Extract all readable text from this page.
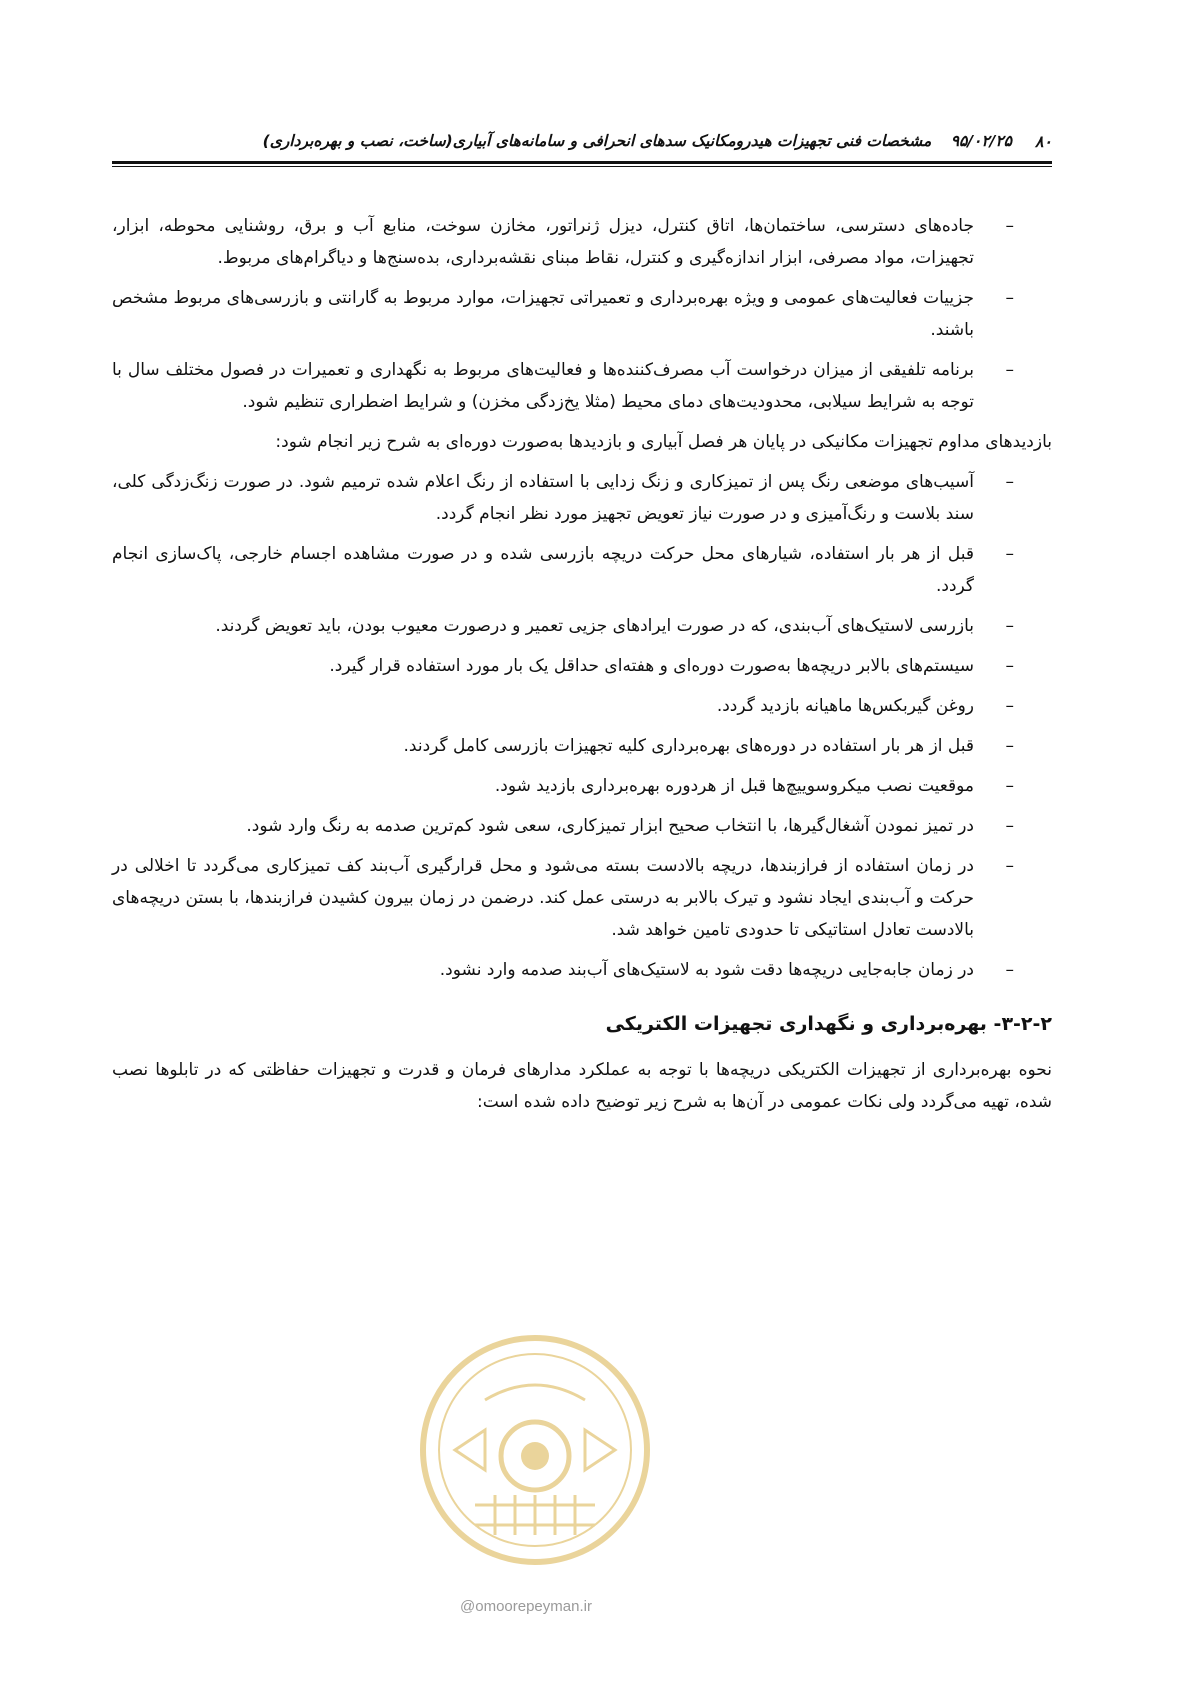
۸۰
۹۵/۰۲/۲۵ مشخصات فنی تجهیزات هیدرومکانیک سدهای انحرافی و سامانه‌های آبیاری(ساخت، نصب و بهره‌برداری)
–
جاده‌های دسترسی، ساختمان‌ها، اتاق کنترل، دیزل ژنراتور، مخازن سوخت، منابع آب و برق، روشنایی محوطه، ابزار، تجهیزات، مواد مصرفی، ابزار اندازه‌گیری و کنترل، نقاط مبنای نقشه‌برداری، بده‌سنج‌ها و دیاگرام‌های مربوط.
–
جزییات فعالیت‌های عمومی و ویژه بهره‌برداری و تعمیراتی تجهیزات، موارد مربوط به گارانتی و بازرسی‌های مربوط مشخص باشند.
–
برنامه تلفیقی از میزان درخواست آب مصرف‌کننده‌ها و فعالیت‌های مربوط به نگهداری و تعمیرات در فصول مختلف سال با توجه به شرایط سیلابی، محدودیت‌های دمای محیط (مثلا یخ‌زدگی مخزن) و شرایط اضطراری تنظیم شود.

بازدیدهای مداوم تجهیزات مکانیکی در پایان هر فصل آبیاری و بازدیدها به‌صورت دوره‌ای به شرح زیر انجام شود:

–
آسیب‌های موضعی رنگ پس از تمیزکاری و زنگ زدایی با استفاده از رنگ اعلام شده ترمیم شود. در صورت زنگ‌زدگی کلی، سند بلاست و رنگ‌آمیزی و در صورت نیاز تعویض تجهیز مورد نظر انجام گردد.
–
قبل از هر بار استفاده، شیارهای محل حرکت دریچه بازرسی شده و در صورت مشاهده اجسام خارجی، پاک‌سازی انجام گردد.
–
بازرسی لاستیک‌های آب‌بندی، که در صورت ایرادهای جزیی تعمیر و درصورت معیوب بودن، باید تعویض گردند.
–
سیستم‌های بالابر دریچه‌ها به‌صورت دوره‌ای و هفته‌ای حداقل یک بار مورد استفاده قرار گیرد.
–
روغن گیربکس‌ها ماهیانه بازدید گردد.
–
قبل از هر بار استفاده در دوره‌های بهره‌برداری کلیه تجهیزات بازرسی کامل گردند.
–
موقعیت نصب میکروسوییچ‌ها قبل از هردوره بهره‌برداری بازدید شود.
–
در تمیز نمودن آشغال‌گیرها، با انتخاب صحیح ابزار تمیزکاری، سعی شود کم‌ترین صدمه به رنگ وارد شود.
–
در زمان استفاده از فرازبندها، دریچه بالادست بسته می‌شود و محل قرارگیری آب‌بند کف تمیزکاری می‌گردد تا اخلالی در حرکت و آب‌بندی ایجاد نشود و تیرک بالابر به درستی عمل کند. درضمن در زمان بیرون کشیدن فرازبندها، با بستن دریچه‌های بالادست تعادل استاتیکی تا حدودی تامین خواهد شد.
–
در زمان جابه‌جایی دریچه‌ها دقت شود به لاستیک‌های آب‌بند صدمه وارد نشود.
۳-۲-۲- بهره‌برداری و نگهداری تجهیزات الکتریکی

نحوه بهره‌برداری از تجهیزات الکتریکی دریچه‌ها با توجه به عملکرد مدارهای فرمان و قدرت و تجهیزات حفاظتی که در تابلوها نصب شده، تهیه می‌گردد ولی نکات عمومی در آن‌ها به شرح زیر توضیح داده شده است:

@omoorepeyman.ir
